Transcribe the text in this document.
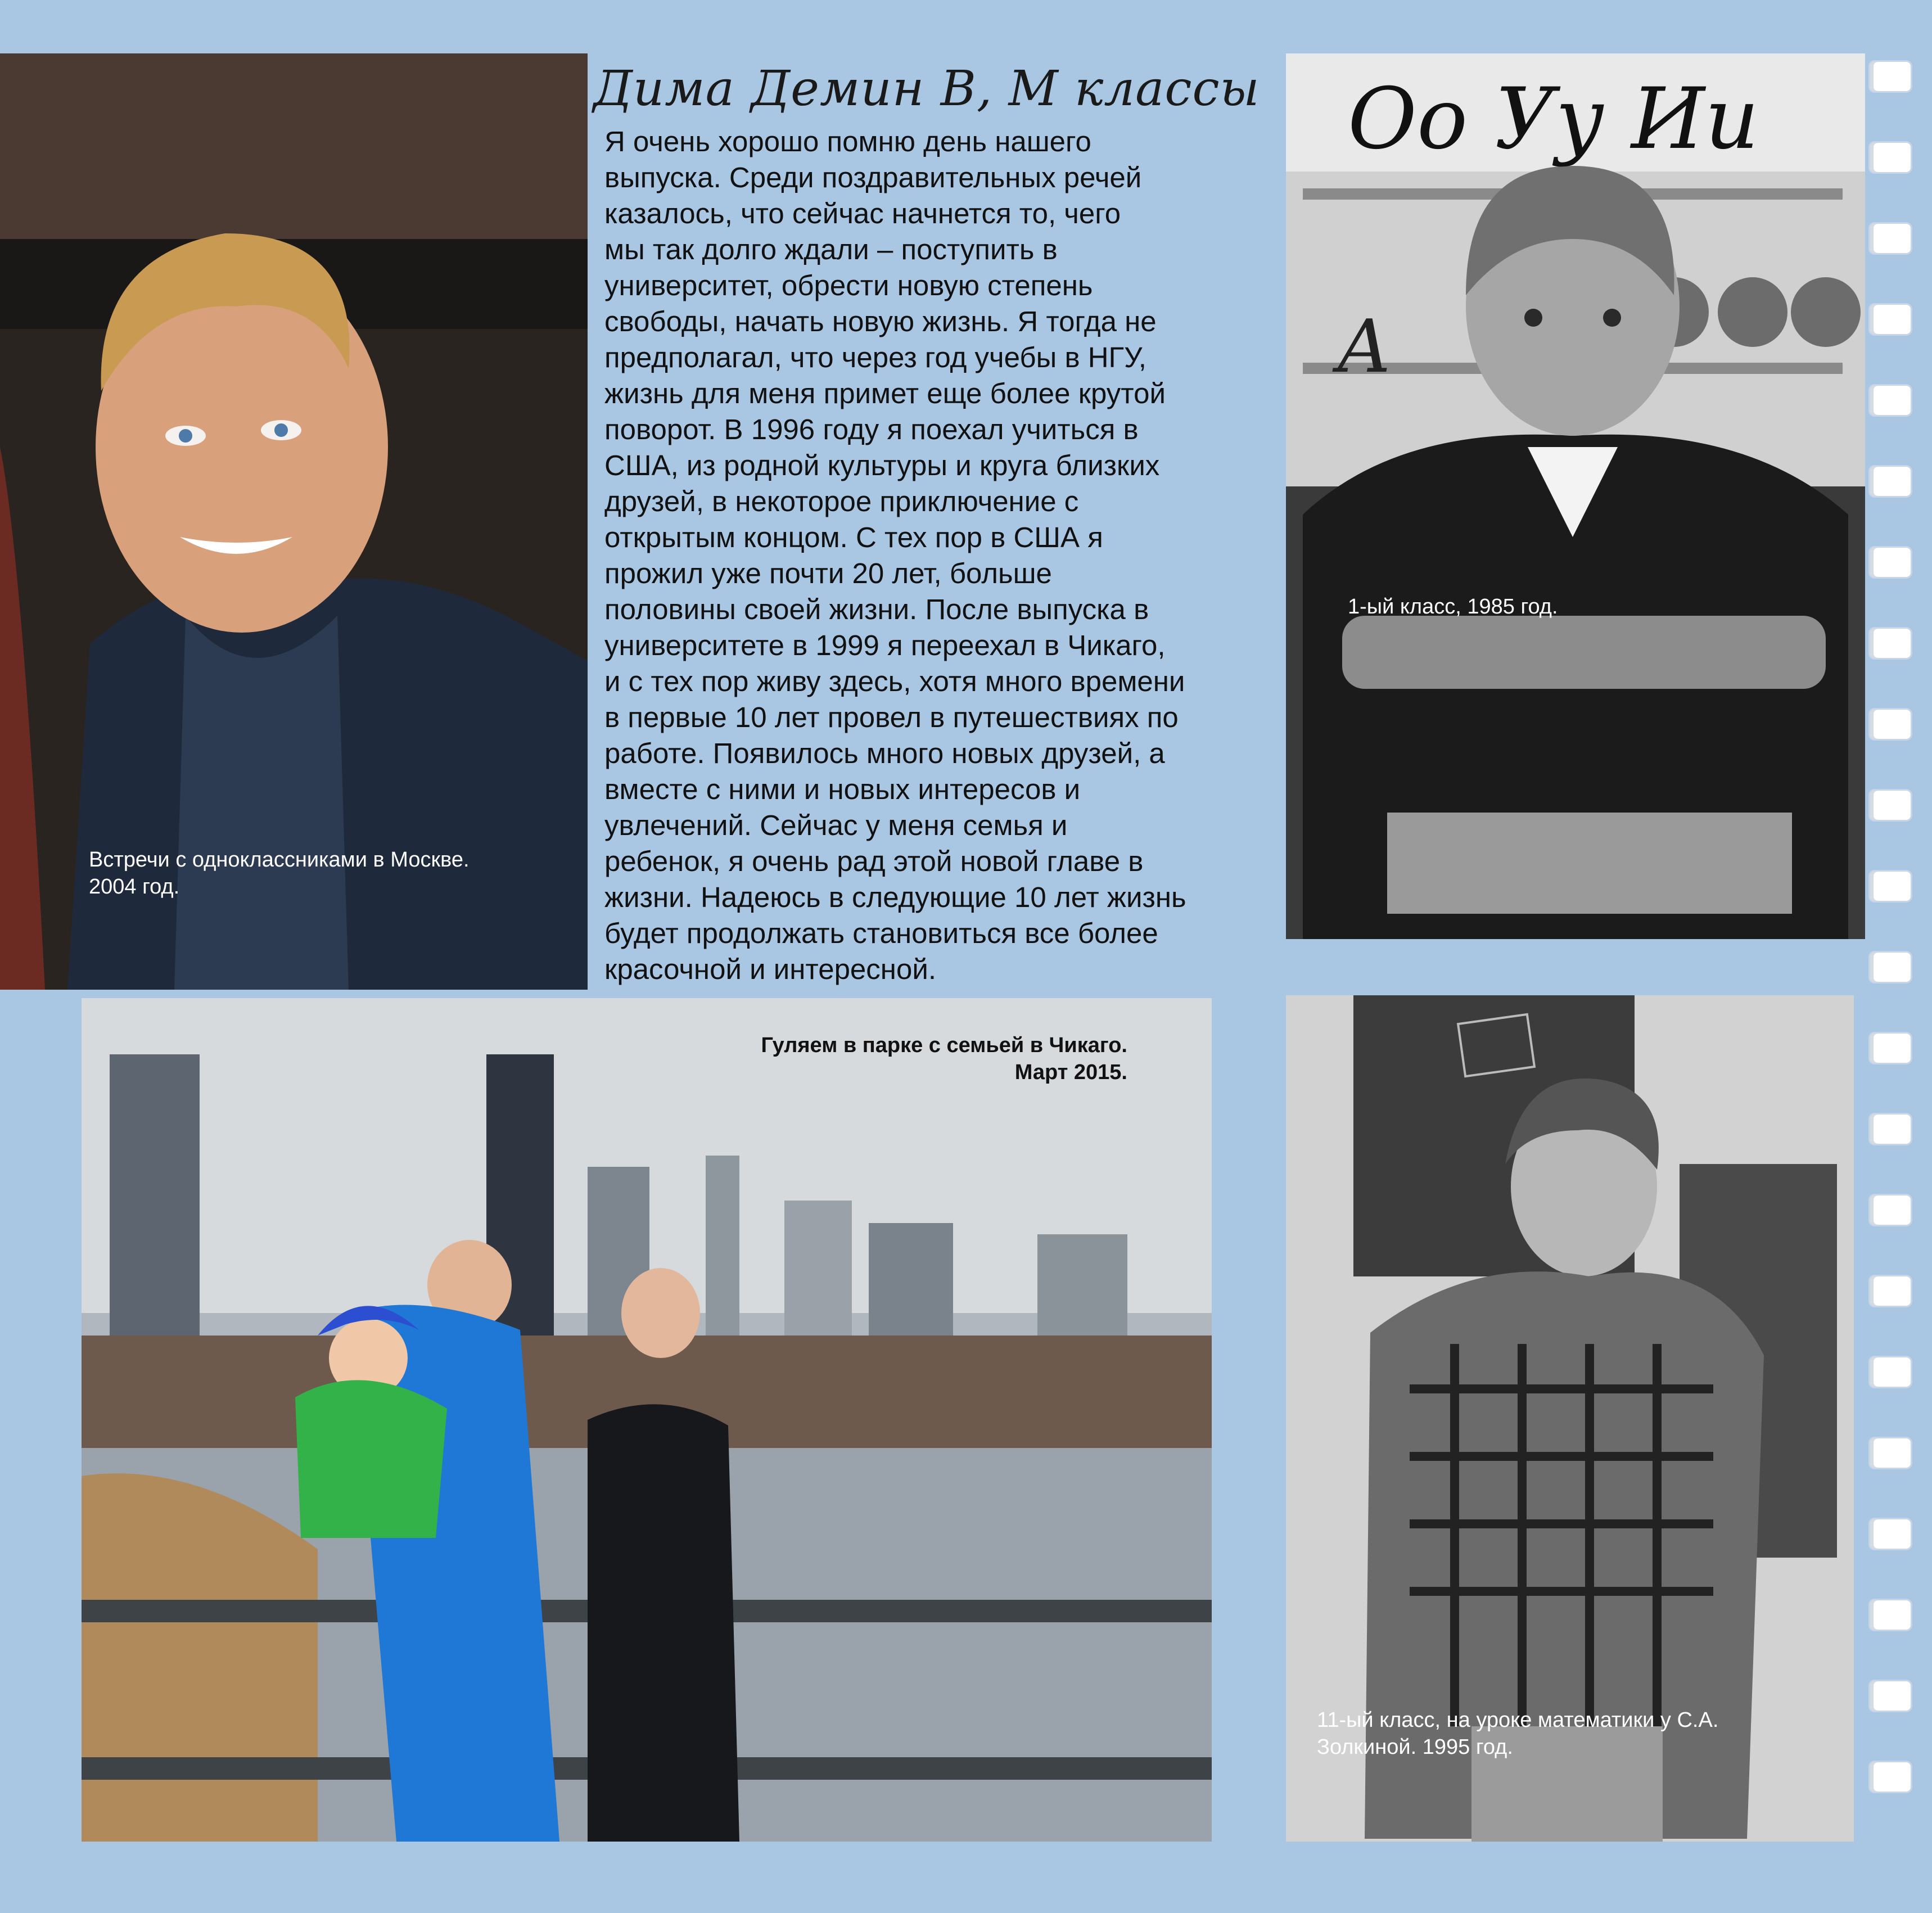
Дима Демин В, М классы
Я очень хорошо помню день нашего
выпуска. Среди поздравительных речей
казалось, что сейчас начнется то, чего
мы так долго ждали – поступить в
университет, обрести новую степень
свободы, начать новую жизнь. Я тогда не
предполагал, что через год учебы в НГУ,
жизнь для меня примет еще более крутой
поворот. В 1996 году я поехал учиться в
США, из родной культуры и круга близких
друзей, в некоторое приключение с
открытым концом. С тех пор в США я
прожил уже почти 20 лет, больше
половины своей жизни. После выпуска в
университете в 1999 я переехал в Чикаго,
и с тех пор живу здесь, хотя много времени
в первые 10 лет провел в путешествиях по
работе. Появилось много новых друзей, а
вместе с ними и новых интересов и
увлечений. Сейчас у меня семья и
ребенок, я очень рад этой новой главе в
жизни. Надеюсь в следующие 10 лет жизнь
будет продолжать становиться все более
красочной и интересной.
Встречи с одноклассниками в Москве.
2004 год.
Оо Уу Ии
А
1-ый класс, 1985 год.
Гуляем в парке с семьей в Чикаго.
Март 2015.
11-ый класс, на уроке математики у С.А.
Золкиной. 1995 год.
